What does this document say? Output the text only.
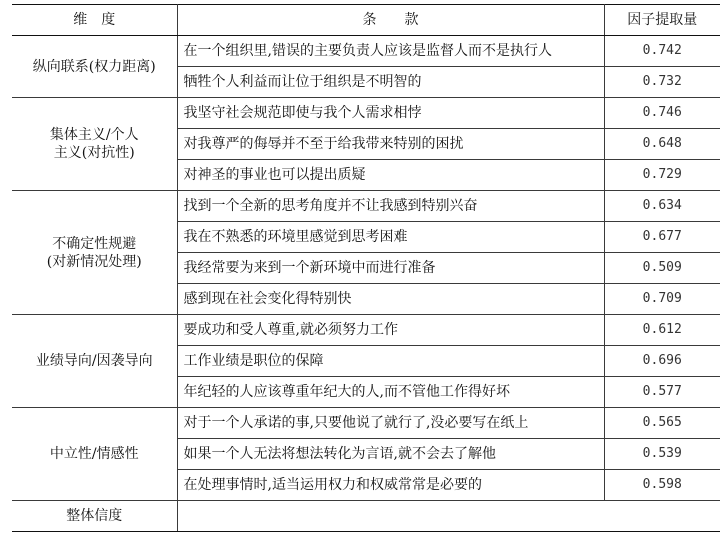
维　度	条　　款	因子提取量

纵向联系(权力距离)	在一个组织里,错误的主要负责人应该是监督人而不是执行人	0.742
	牺牲个人利益而让位于组织是不明智的	0.732

集体主义/个人
主义(对抗性)	我坚守社会规范即使与我个人需求相悖	0.746
	对我尊严的侮辱并不至于给我带来特别的困扰	0.648
	对神圣的事业也可以提出质疑	0.729

不确定性规避
(对新情况处理)	找到一个全新的思考角度并不让我感到特别兴奋	0.634
	我在不熟悉的环境里感觉到思考困难	0.677
	我经常要为来到一个新环境中而进行准备	0.509
	感到现在社会变化得特别快	0.709

业绩导向/因袭导向	要成功和受人尊重,就必须努力工作	0.612
	工作业绩是职位的保障	0.696
	年纪轻的人应该尊重年纪大的人,而不管他工作得好坏	0.577

中立性/情感性	对于一个人承诺的事,只要他说了就行了,没必要写在纸上	0.565
	如果一个人无法将想法转化为言语,就不会去了解他	0.539
	在处理事情时,适当运用权力和权威常常是必要的	0.598
整体信度		
